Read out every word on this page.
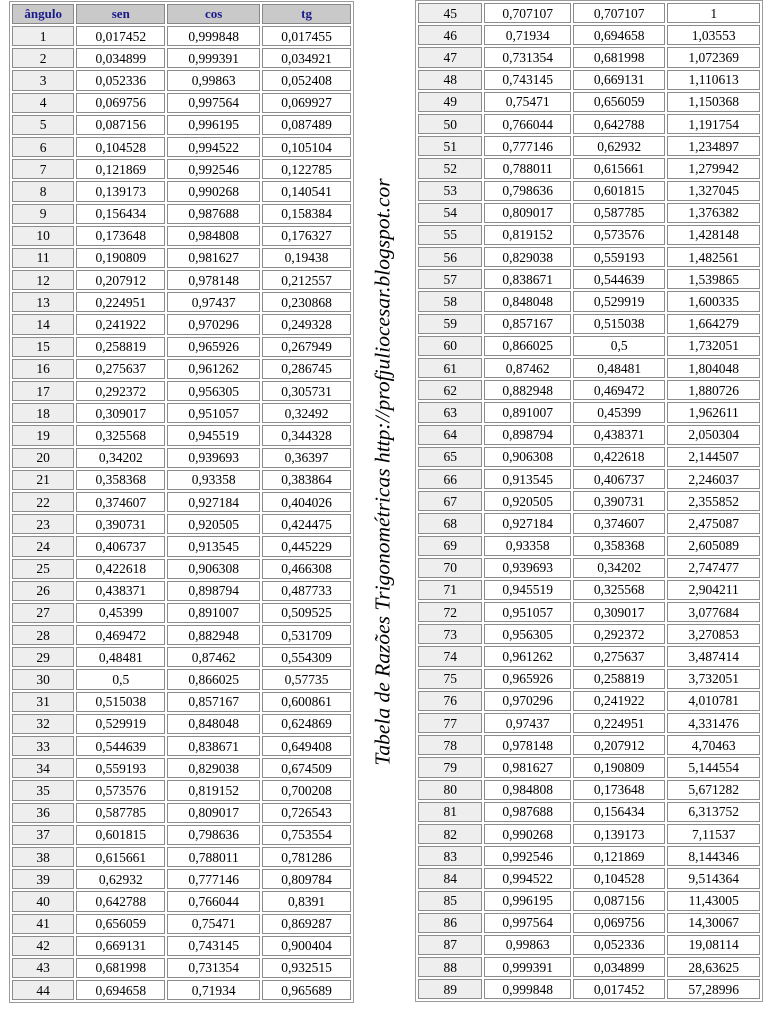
ângulo	sen	cos	tg
1	0,017452	0,999848	0,017455
2	0,034899	0,999391	0,034921
3	0,052336	0,99863	0,052408
4	0,069756	0,997564	0,069927
5	0,087156	0,996195	0,087489
6	0,104528	0,994522	0,105104
7	0,121869	0,992546	0,122785
8	0,139173	0,990268	0,140541
9	0,156434	0,987688	0,158384
10	0,173648	0,984808	0,176327
11	0,190809	0,981627	0,19438
12	0,207912	0,978148	0,212557
13	0,224951	0,97437	0,230868
14	0,241922	0,970296	0,249328
15	0,258819	0,965926	0,267949
16	0,275637	0,961262	0,286745
17	0,292372	0,956305	0,305731
18	0,309017	0,951057	0,32492
19	0,325568	0,945519	0,344328
20	0,34202	0,939693	0,36397
21	0,358368	0,93358	0,383864
22	0,374607	0,927184	0,404026
23	0,390731	0,920505	0,424475
24	0,406737	0,913545	0,445229
25	0,422618	0,906308	0,466308
26	0,438371	0,898794	0,487733
27	0,45399	0,891007	0,509525
28	0,469472	0,882948	0,531709
29	0,48481	0,87462	0,554309
30	0,5	0,866025	0,57735
31	0,515038	0,857167	0,600861
32	0,529919	0,848048	0,624869
33	0,544639	0,838671	0,649408
34	0,559193	0,829038	0,674509
35	0,573576	0,819152	0,700208
36	0,587785	0,809017	0,726543
37	0,601815	0,798636	0,753554
38	0,615661	0,788011	0,781286
39	0,62932	0,777146	0,809784
40	0,642788	0,766044	0,8391
41	0,656059	0,75471	0,869287
42	0,669131	0,743145	0,900404
43	0,681998	0,731354	0,932515
44	0,694658	0,71934	0,965689
Tabela de Razões Trigonométricas http://profjuliocesar.blogspot.cor
45	0,707107	0,707107	1
46	0,71934	0,694658	1,03553
47	0,731354	0,681998	1,072369
48	0,743145	0,669131	1,110613
49	0,75471	0,656059	1,150368
50	0,766044	0,642788	1,191754
51	0,777146	0,62932	1,234897
52	0,788011	0,615661	1,279942
53	0,798636	0,601815	1,327045
54	0,809017	0,587785	1,376382
55	0,819152	0,573576	1,428148
56	0,829038	0,559193	1,482561
57	0,838671	0,544639	1,539865
58	0,848048	0,529919	1,600335
59	0,857167	0,515038	1,664279
60	0,866025	0,5	1,732051
61	0,87462	0,48481	1,804048
62	0,882948	0,469472	1,880726
63	0,891007	0,45399	1,962611
64	0,898794	0,438371	2,050304
65	0,906308	0,422618	2,144507
66	0,913545	0,406737	2,246037
67	0,920505	0,390731	2,355852
68	0,927184	0,374607	2,475087
69	0,93358	0,358368	2,605089
70	0,939693	0,34202	2,747477
71	0,945519	0,325568	2,904211
72	0,951057	0,309017	3,077684
73	0,956305	0,292372	3,270853
74	0,961262	0,275637	3,487414
75	0,965926	0,258819	3,732051
76	0,970296	0,241922	4,010781
77	0,97437	0,224951	4,331476
78	0,978148	0,207912	4,70463
79	0,981627	0,190809	5,144554
80	0,984808	0,173648	5,671282
81	0,987688	0,156434	6,313752
82	0,990268	0,139173	7,11537
83	0,992546	0,121869	8,144346
84	0,994522	0,104528	9,514364
85	0,996195	0,087156	11,43005
86	0,997564	0,069756	14,30067
87	0,99863	0,052336	19,08114
88	0,999391	0,034899	28,63625
89	0,999848	0,017452	57,28996
